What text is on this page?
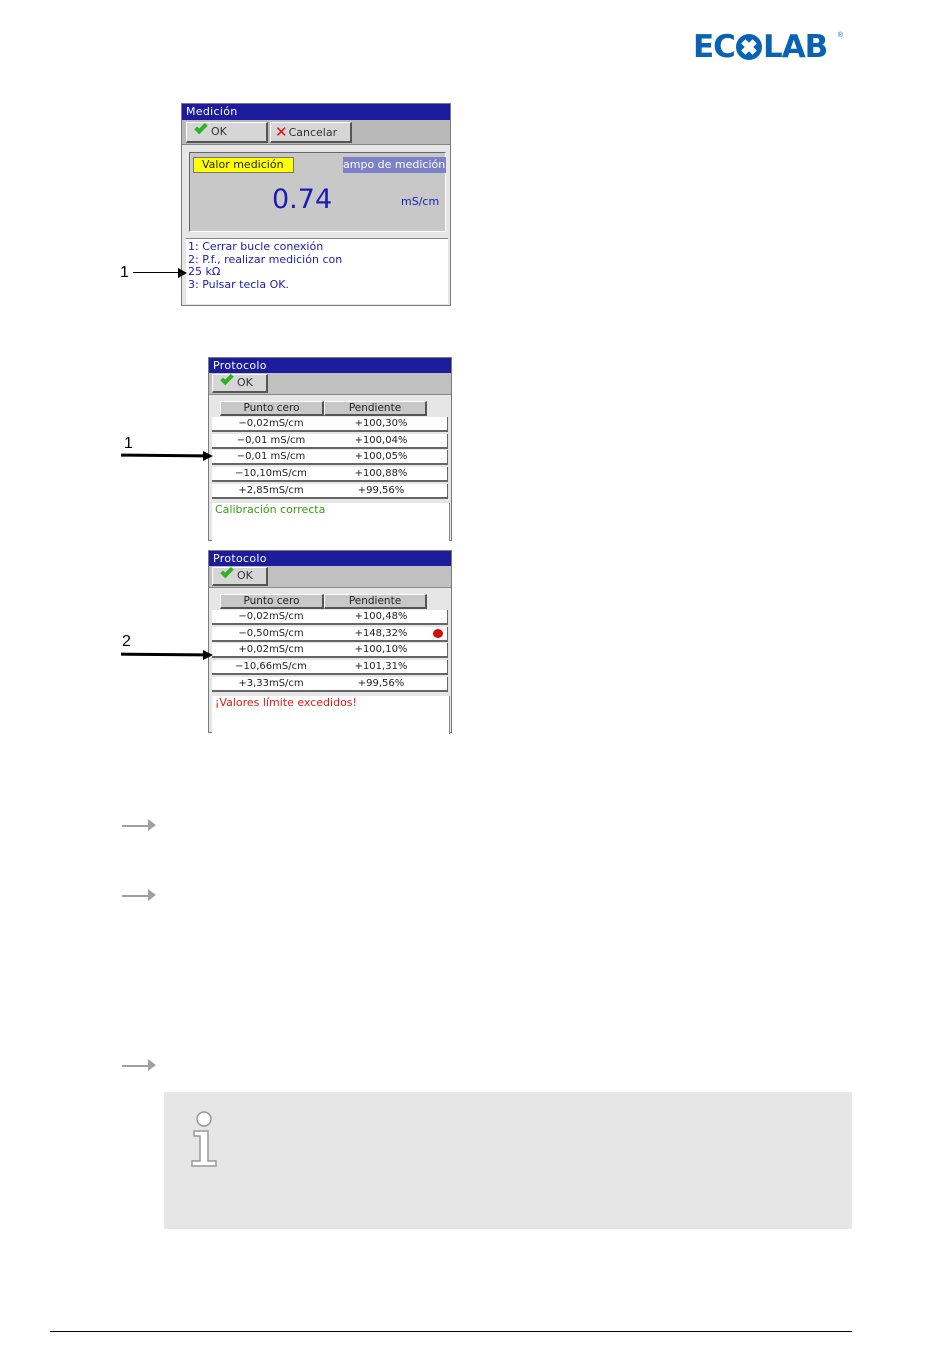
EC LAB ®
Medición
OK	✕Cancelar
Valor medición	ampo de medición
0.74	mS/cm
1: Cerrar bucle conexión
2: P.f., realizar medición con
25 kΩ
3: Pulsar tecla OK.
1
Protocolo
OK
Punto cero	Pendiente
−0,02mS/cm	+100,30%
−0,01 mS/cm	+100,04%
−0,01 mS/cm	+100,05%
−10,10mS/cm	+100,88%
+2,85mS/cm	+99,56%
Calibración correcta
1
Protocolo
OK
Punto cero	Pendiente
−0,02mS/cm	+100,48%
−0,50mS/cm	+148,32%
+0,02mS/cm	+100,10%
−10,66mS/cm	+101,31%
+3,33mS/cm	+99,56%
¡Valores límite excedidos!
2
